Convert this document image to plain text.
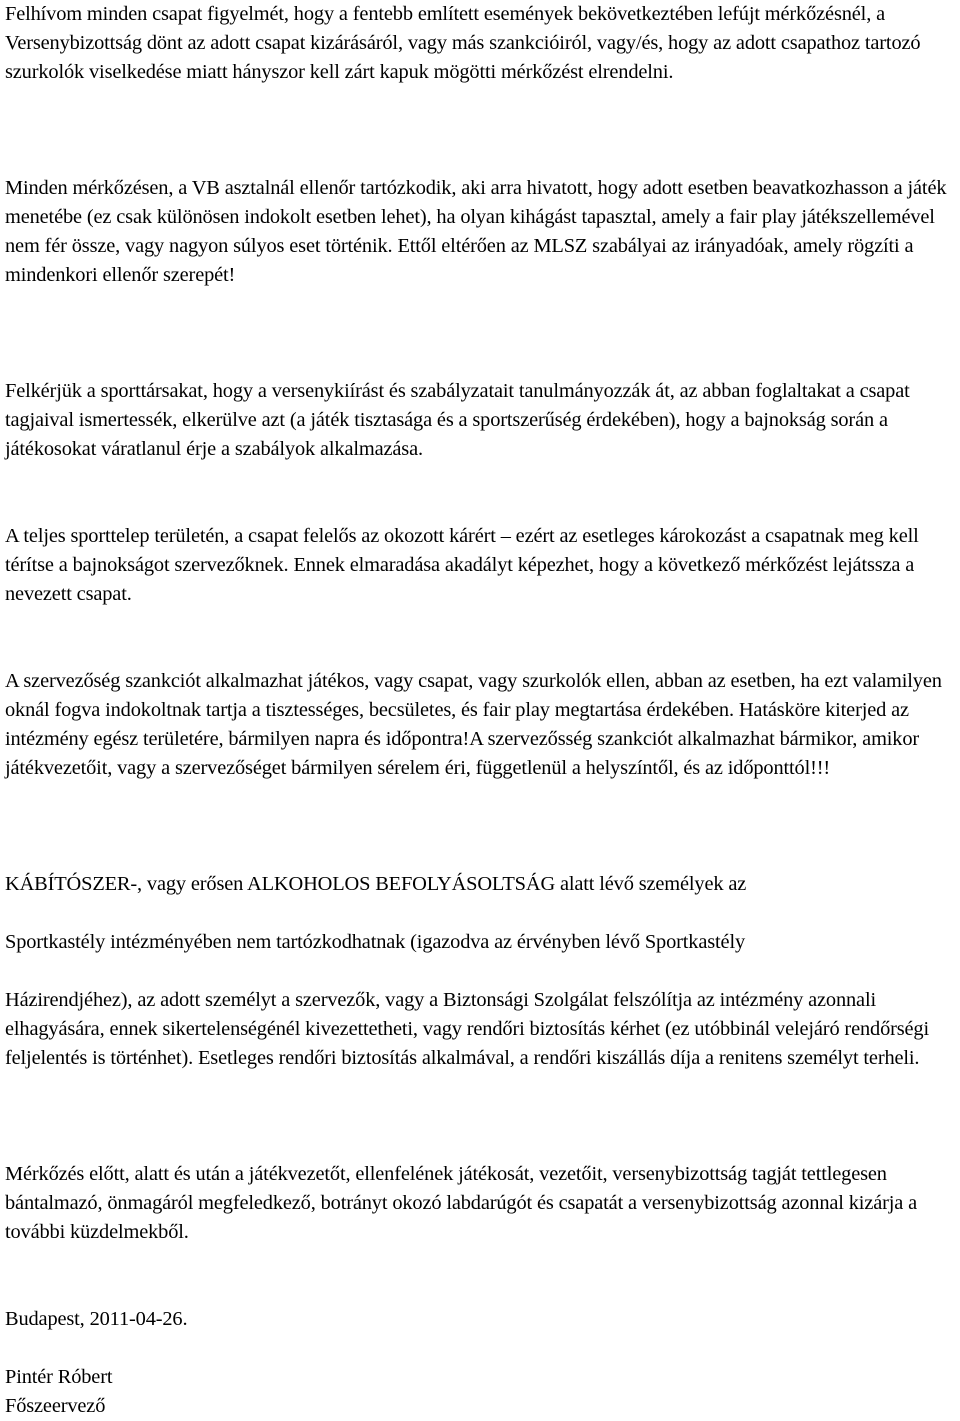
Felhívom minden csapat figyelmét, hogy a fentebb említett események bekövetkeztében lefújt mérkőzésnél, a Versenybizottság dönt az adott csapat kizárásáról, vagy más szankcióiról, vagy/és, hogy az adott csapathoz tartozó szurkolók viselkedése miatt hányszor kell zárt kapuk mögötti mérkőzést elrendelni.

Minden mérkőzésen, a VB asztalnál ellenőr tartózkodik, aki arra hivatott, hogy adott esetben beavatkozhasson a játék menetébe (ez csak különösen indokolt esetben lehet), ha olyan kihágást tapasztal, amely a fair play játékszellemével nem fér össze, vagy nagyon súlyos eset történik. Ettől eltérően az MLSZ szabályai az irányadóak, amely rögzíti a mindenkori ellenőr szerepét!

Felkérjük a sporttársakat, hogy a versenykiírást és szabályzatait tanulmányozzák át, az abban foglaltakat a csapat tagjaival ismertessék, elkerülve azt (a játék tisztasága és a sportszerűség érdekében), hogy a bajnokság során a játékosokat váratlanul érje a szabályok alkalmazása.

A teljes sporttelep területén, a csapat felelős az okozott kárért – ezért az esetleges károkozást a csapatnak meg kell térítse a bajnokságot szervezőknek. Ennek elmaradása akadályt képezhet, hogy a következő mérkőzést lejátssza a nevezett csapat.

A szervezőség szankciót alkalmazhat játékos, vagy csapat, vagy szurkolók ellen, abban az esetben, ha ezt valamilyen oknál fogva indokoltnak tartja a tisztességes, becsületes, és fair play megtartása érdekében. Hatásköre kiterjed az intézmény egész területére, bármilyen napra és időpontra!A szervezősség szankciót alkalmazhat bármikor, amikor játékvezetőit, vagy a szervezőséget bármilyen sérelem éri, függetlenül a helyszíntől, és az időponttól!!!

KÁBÍTÓSZER-, vagy erősen ALKOHOLOS BEFOLYÁSOLTSÁG alatt lévő személyek az

Sportkastély intézményében nem tartózkodhatnak (igazodva az érvényben lévő Sportkastély

Házirendjéhez), az adott személyt a szervezők, vagy a Biztonsági Szolgálat felszólítja az intézmény azonnali elhagyására, ennek sikertelenségénél kivezettetheti, vagy rendőri biztosítás kérhet (ez utóbbinál velejáró rendőrségi feljelentés is történhet). Esetleges rendőri biztosítás alkalmával, a rendőri kiszállás díja a renitens személyt terheli.

Mérkőzés előtt, alatt és után a játékvezetőt, ellenfelének játékosát, vezetőit, versenybizottság tagját tettlegesen bántalmazó, önmagáról megfeledkező, botrányt okozó labdarúgót és csapatát a versenybizottság azonnal kizárja a további küzdelmekből.

Budapest, 2011-04-26.

Pintér Róbert

Főszeervező
